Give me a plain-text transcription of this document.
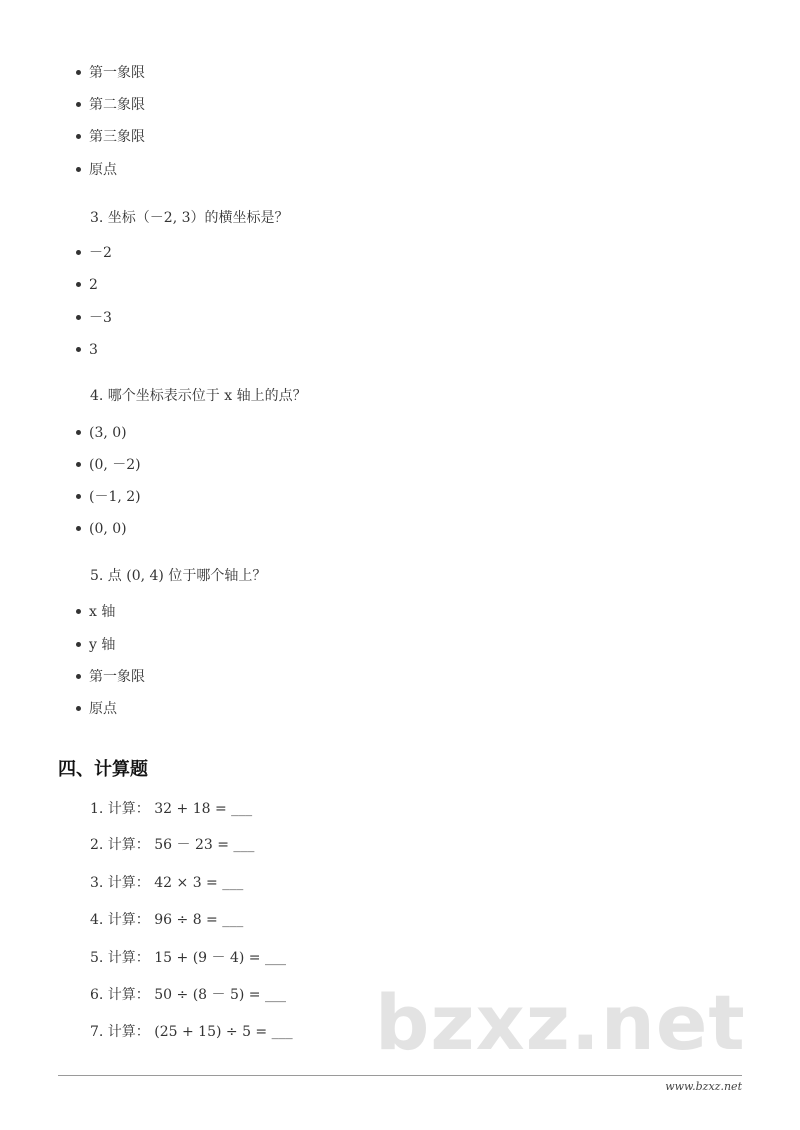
第一象限
第二象限
第三象限
原点
3. 坐标（－2, 3）的横坐标是？
－2
2
－3
3
4. 哪个坐标表示位于 x 轴上的点？
(3, 0)
(0, －2)
(－1, 2)
(0, 0)
5. 点 (0, 4) 位于哪个轴上？
x 轴
y 轴
第一象限
原点
四、计算题
1. 计算： 32 + 18 = ___
2. 计算： 56 － 23 = ___
3. 计算： 42 × 3 = ___
4. 计算： 96 ÷ 8 = ___
5. 计算： 15 + (9 － 4) = ___
6. 计算： 50 ÷ (8 － 5) = ___
7. 计算： (25 + 15) ÷ 5 = ___ bzxz.net
www.bzxz.net
